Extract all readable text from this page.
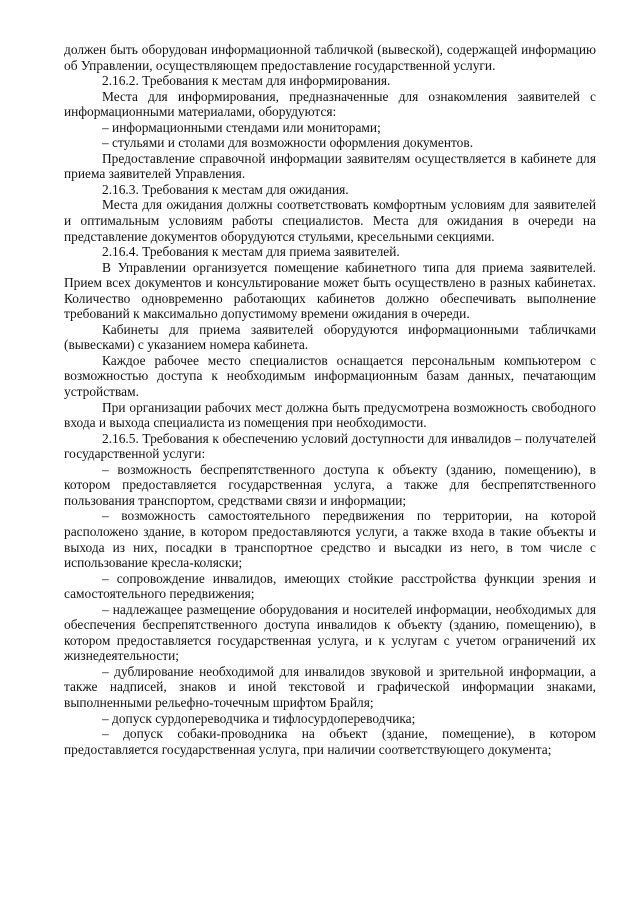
должен быть оборудован информационной табличкой (вывеской), содержащей информацию об Управлении, осуществляющем предоставление государственной услуги.

2.16.2. Требования к местам для информирования.

Места для информирования, предназначенные для ознакомления заявителей с информационными материалами, оборудуются:

– информационными стендами или мониторами;

– стульями и столами для возможности оформления документов.

Предоставление справочной информации заявителям осуществляется в кабинете для приема заявителей Управления.

2.16.3. Требования к местам для ожидания.

Места для ожидания должны соответствовать комфортным условиям для заявителей и оптимальным условиям работы специалистов. Места для ожидания в очереди на представление документов оборудуются стульями, кресельными секциями.

2.16.4. Требования к местам для приема заявителей.

В Управлении организуется помещение кабинетного типа для приема заявителей. Прием всех документов и консультирование может быть осуществлено в разных кабинетах. Количество одновременно работающих кабинетов должно обеспечивать выполнение требований к максимально допустимому времени ожидания в очереди.

Кабинеты для приема заявителей оборудуются информационными табличками (вывесками) с указанием номера кабинета.

Каждое рабочее место специалистов оснащается персональным компьютером с возможностью доступа к необходимым информационным базам данных, печатающим устройствам.

При организации рабочих мест должна быть предусмотрена возможность свободного входа и выхода специалиста из помещения при необходимости.

2.16.5. Требования к обеспечению условий доступности для инвалидов – получателей государственной услуги:

– возможность беспрепятственного доступа к объекту (зданию, помещению), в котором предоставляется государственная услуга, а также для беспрепятственного пользования транспортом, средствами связи и информации;

– возможность самостоятельного передвижения по территории, на которой расположено здание, в котором предоставляются услуги, а также входа в такие объекты и выхода из них, посадки в транспортное средство и высадки из него, в том числе с использование кресла-коляски;

– сопровождение инвалидов, имеющих стойкие расстройства функции зрения и самостоятельного передвижения;

– надлежащее размещение оборудования и носителей информации, необходимых для обеспечения беспрепятственного доступа инвалидов к объекту (зданию, помещению), в котором предоставляется государственная услуга, и к услугам с учетом ограничений их жизнедеятельности;

– дублирование необходимой для инвалидов звуковой и зрительной информации, а также надписей, знаков и иной текстовой и графической информации знаками, выполненными рельефно-точечным шрифтом Брайля;

– допуск сурдопереводчика и тифлосурдопереводчика;

– допуск собаки-проводника на объект (здание, помещение), в котором предоставляется государственная услуга, при наличии соответствующего документа;
